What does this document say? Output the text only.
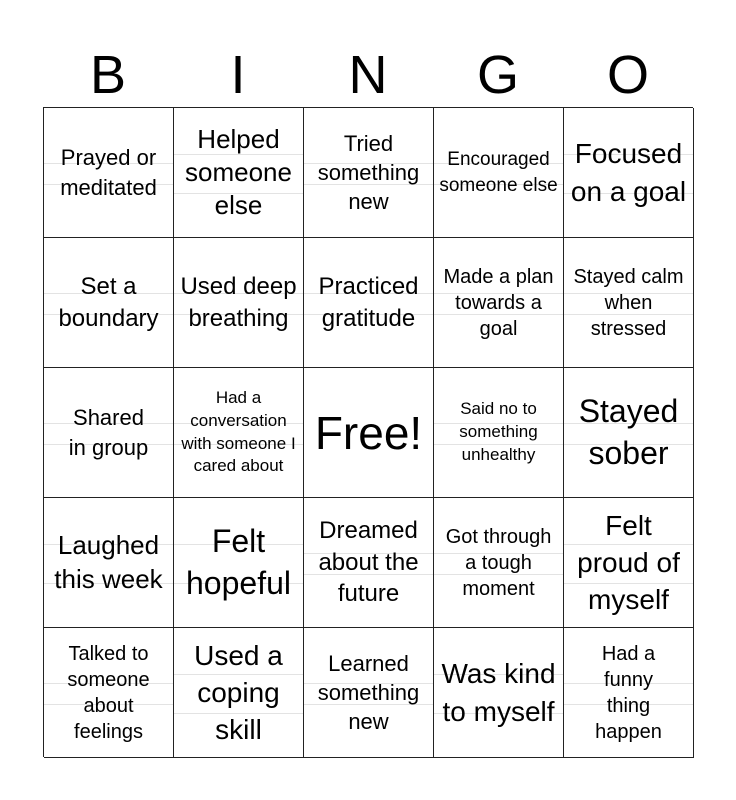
B	I	N	G	O
Prayed or meditated
Helped someone else
Tried something new
Encouraged someone else
Focused on a goal
Set a boundary
Used deep breathing
Practiced gratitude
Made a plan towards a goal
Stayed calm when stressed
Shared in group
Had a conversation with someone I cared about
Free!	Said no to something unhealthy
Stayed sober
Laughed this week
Felt hopeful
Dreamed about the future
Got through a tough moment
Felt proud of myself
Talked to someone about feelings
Used a coping skill
Learned something new
Was kind to myself
Had a funny thing happen
